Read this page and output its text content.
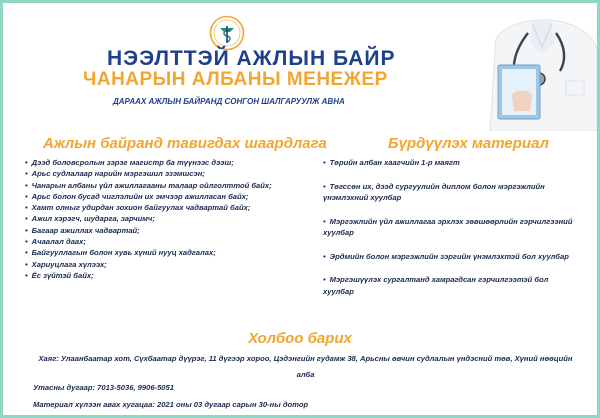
НЭЭЛТТЭЙ АЖЛЫН БАЙР
ЧАНАРЫН АЛБАНЫ МЕНЕЖЕР

ДАРААХ АЖЛЫН БАЙРАНД СОНГОН ШАЛГАРУУЛЖ АВНА

Ажлын байранд тавигдах шаардлага
• Дээд боловсролын зэрэг магистр ба түүнээс дээш;
• Арьс судлалаар нарийн мэргэшил эзэмшсэн;
• Чанарын албаны үйл ажиллагааны талаар ойлголттой байх;
• Арьс болон бусад чиглэлийн их эмчээр ажилласан байх;
• Хамт олныг удирдан зохион байгуулах чадвартай байх;
• Ажил хэрэгч, шударга, зарчимч;
• Багаар ажиллах чадвартай;
• Ачаалал даах;
• Байгууллагын болон хувь хүний нууц хадгалах;
• Хариуцлага хүлээх;
• Ёс зүйтэй байх;
Бүрдүүлэх материал
• Төрийн албан хаагчийн 1-р маягт
• Төгссөн их, дээд сургуулийн диплом болон мэргэжлийн үнэмлэхний хуулбар
• Мэргэжлийн үйл ажиллагаа эрхлэх зөвшөөрлийн гэрчилгээний хуулбар
• Эрдмийн болон мэргэжлийн зэргийн үнэмлэхтэй бол хуулбар
• Мэргэшүүлэх сургалтанд хамрагдсан гэрчилгээтэй бол хуулбар
Холбоо барих

Хаяг: Улаанбаатар хот, Сүхбаатар дүүрэг, 11 дүгээр хороо, Цэдэнгийн гудамж 38, Арьсны өвчин судлалын үндэсний төв, Хүний нөөцийн алба

Утасны дугаар: 7013-5036, 9906-5051

Материал хүлээн авах хугацаа: 2021 оны 03 дугаар сарын 30-ны дотор
